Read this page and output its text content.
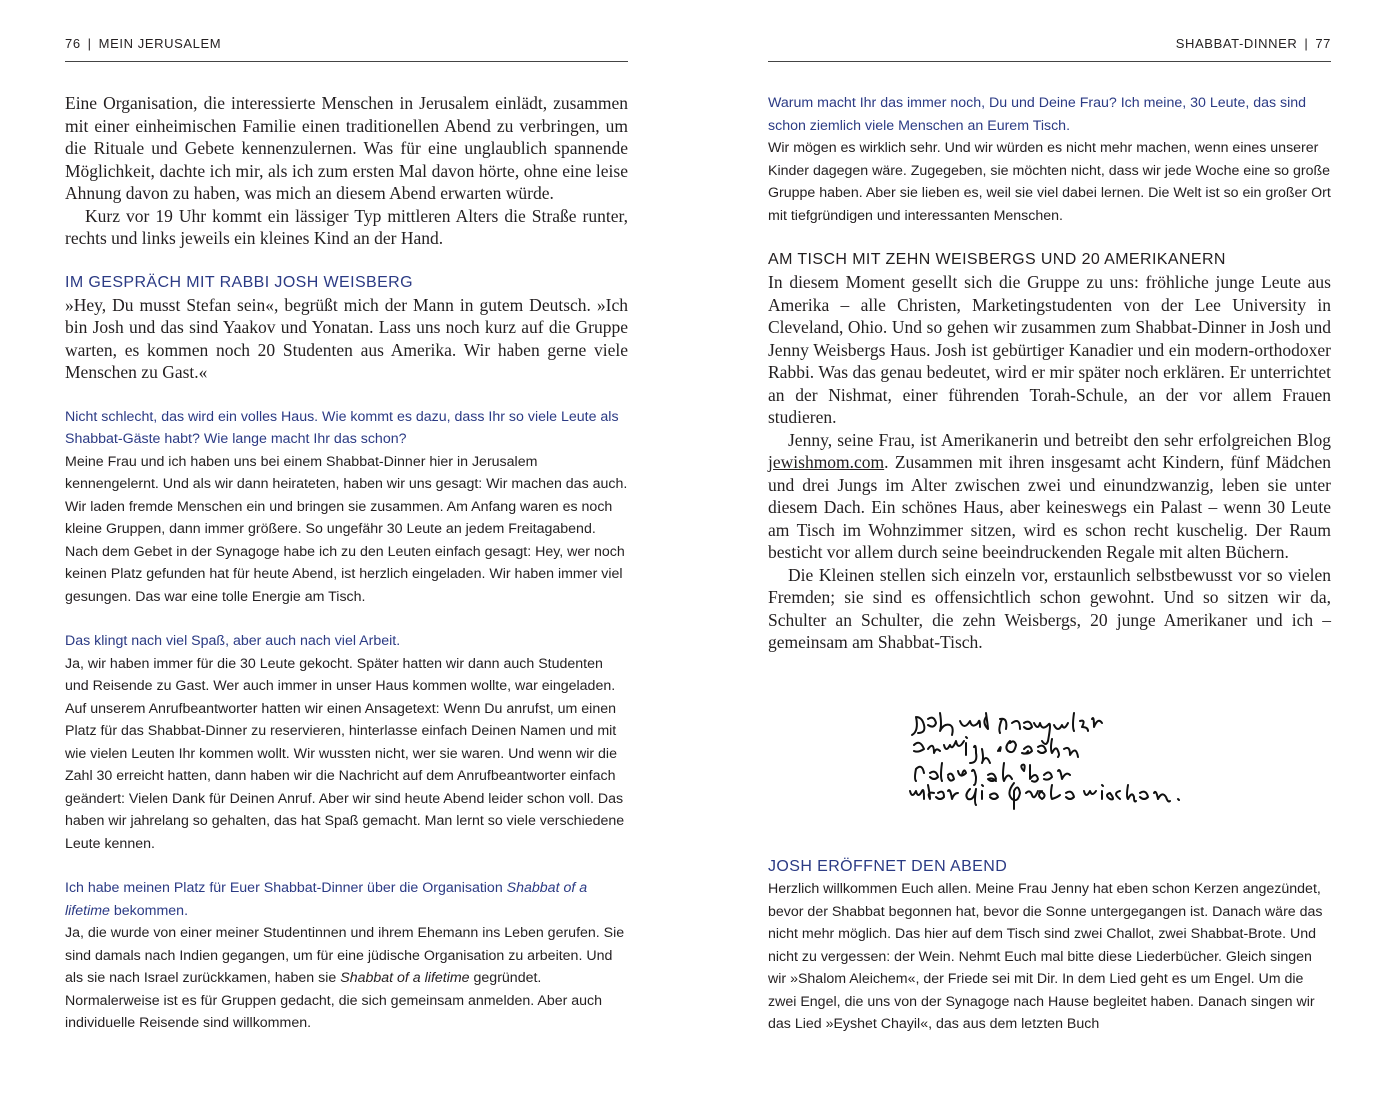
76 | MEIN JERUSALEM

Eine Organisation, die interessierte Menschen in Jerusalem einlädt, zusammen mit einer einheimischen Familie einen traditionellen Abend zu verbringen, um die Rituale und Gebete kennenzulernen. Was für eine unglaublich spannende Möglichkeit, dachte ich mir, als ich zum ersten Mal davon hörte, ohne eine leise Ahnung davon zu haben, was mich an diesem Abend erwarten würde.

Kurz vor 19 Uhr kommt ein lässiger Typ mittleren Alters die Straße runter, rechts und links jeweils ein kleines Kind an der Hand.

IM GESPRÄCH MIT RABBI JOSH WEISBERG

»Hey, Du musst Stefan sein«, begrüßt mich der Mann in gutem Deutsch. »Ich bin Josh und das sind Yaakov und Yonatan. Lass uns noch kurz auf die Gruppe warten, es kommen noch 20 Studenten aus Amerika. Wir haben gerne viele Menschen zu Gast.«

Nicht schlecht, das wird ein volles Haus. Wie kommt es dazu, dass Ihr so viele Leute als Shabbat-Gäste habt? Wie lange macht Ihr das schon?

Meine Frau und ich haben uns bei einem Shabbat-Dinner hier in Jerusalem kennengelernt. Und als wir dann heirateten, haben wir uns gesagt: Wir machen das auch. Wir laden fremde Menschen ein und bringen sie zusammen. Am Anfang waren es noch kleine Gruppen, dann immer größere. So ungefähr 30 Leute an jedem Freitagabend. Nach dem Gebet in der Synagoge habe ich zu den Leuten einfach gesagt: Hey, wer noch keinen Platz gefunden hat für heute Abend, ist herzlich eingeladen. Wir haben immer viel gesungen. Das war eine tolle Energie am Tisch.

Das klingt nach viel Spaß, aber auch nach viel Arbeit.

Ja, wir haben immer für die 30 Leute gekocht. Später hatten wir dann auch Studenten und Reisende zu Gast. Wer auch immer in unser Haus kommen wollte, war eingeladen. Auf unserem Anrufbeantworter hatten wir einen Ansagetext: Wenn Du anrufst, um einen Platz für das Shabbat-Dinner zu reservieren, hinterlasse einfach Deinen Namen und mit wie vielen Leuten Ihr kommen wollt. Wir wussten nicht, wer sie waren. Und wenn wir die Zahl 30 erreicht hatten, dann haben wir die Nachricht auf dem Anrufbeantworter einfach geändert: Vielen Dank für Deinen Anruf. Aber wir sind heute Abend leider schon voll. Das haben wir jahrelang so gehalten, das hat Spaß gemacht. Man lernt so viele verschiedene Leute kennen.

Ich habe meinen Platz für Euer Shabbat-Dinner über die Organisation Shabbat of a lifetime bekommen.

Ja, die wurde von einer meiner Studentinnen und ihrem Ehemann ins Leben gerufen. Sie sind damals nach Indien gegangen, um für eine jüdische Organisation zu arbeiten. Und als sie nach Israel zurückkamen, haben sie Shabbat of a lifetime gegründet. Normalerweise ist es für Gruppen gedacht, die sich gemeinsam anmelden. Aber auch individuelle Reisende sind willkommen.

SHABBAT-DINNER | 77

Warum macht Ihr das immer noch, Du und Deine Frau? Ich meine, 30 Leute, das sind schon ziemlich viele Menschen an Eurem Tisch.

Wir mögen es wirklich sehr. Und wir würden es nicht mehr machen, wenn eines unserer Kinder dagegen wäre. Zugegeben, sie möchten nicht, dass wir jede Woche eine so große Gruppe haben. Aber sie lieben es, weil sie viel dabei lernen. Die Welt ist so ein großer Ort mit tiefgründigen und interessanten Menschen.

AM TISCH MIT ZEHN WEISBERGS UND 20 AMERIKANERN

In diesem Moment gesellt sich die Gruppe zu uns: fröhliche junge Leute aus Amerika – alle Christen, Marketingstudenten von der Lee University in Cleveland, Ohio. Und so gehen wir zusammen zum Shabbat-Dinner in Josh und Jenny Weisbergs Haus. Josh ist gebürtiger Kanadier und ein modern-orthodoxer Rabbi. Was das genau bedeutet, wird er mir später noch erklären. Er unterrichtet an der Nishmat, einer führenden Torah-Schule, an der vor allem Frauen studieren.

Jenny, seine Frau, ist Amerikanerin und betreibt den sehr erfolgreichen Blog jewishmom.com. Zusammen mit ihren insgesamt acht Kindern, fünf Mädchen und drei Jungs im Alter zwischen zwei und einundzwanzig, leben sie unter diesem Dach. Ein schönes Haus, aber keineswegs ein Palast – wenn 30 Leute am Tisch im Wohnzimmer sitzen, wird es schon recht kuschelig. Der Raum besticht vor allem durch seine beeindruckenden Regale mit alten Büchern.

Die Kleinen stellen sich einzeln vor, erstaunlich selbstbewusst vor so vielen Fremden; sie sind es offensichtlich schon gewohnt. Und so sitzen wir da, Schulter an Schulter, die zehn Weisbergs, 20 junge Amerikaner und ich – gemeinsam am Shabbat-Tisch.

JOSH ERÖFFNET DEN ABEND

Herzlich willkommen Euch allen. Meine Frau Jenny hat eben schon Kerzen angezündet, bevor der Shabbat begonnen hat, bevor die Sonne untergegangen ist. Danach wäre das nicht mehr möglich. Das hier auf dem Tisch sind zwei Challot, zwei Shabbat-Brote. Und nicht zu vergessen: der Wein. Nehmt Euch mal bitte diese Liederbücher. Gleich singen wir »Shalom Aleichem«, der Friede sei mit Dir. In dem Lied geht es um Engel. Um die zwei Engel, die uns von der Synagoge nach Hause begleitet haben. Danach singen wir das Lied »Eyshet Chayil«, das aus dem letzten Buch
